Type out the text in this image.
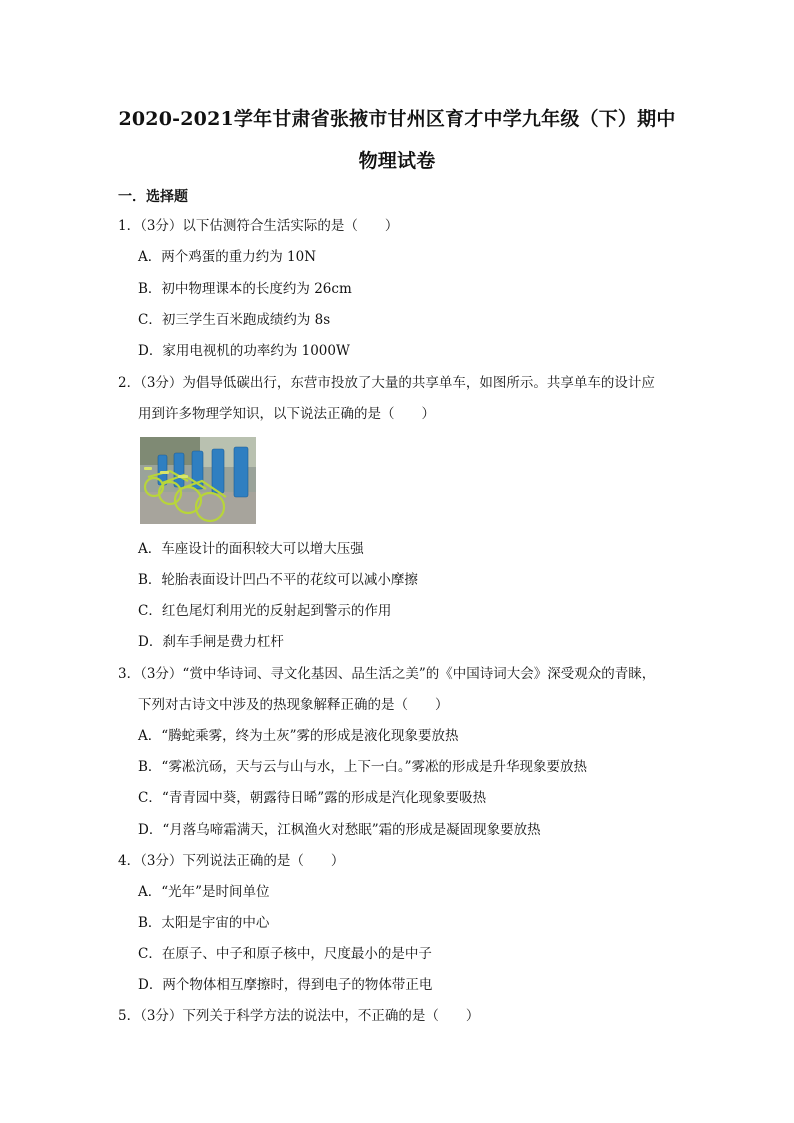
2020-2021学年甘肃省张掖市甘州区育才中学九年级（下）期中
物理试卷
一．选择题
1．（3分）以下估测符合生活实际的是（　　）
A．两个鸡蛋的重力约为 10N
B．初中物理课本的长度约为 26cm
C．初三学生百米跑成绩约为 8s
D．家用电视机的功率约为 1000W
2．（3分）为倡导低碳出行，东营市投放了大量的共享单车，如图所示。共享单车的设计应
用到许多物理学知识，以下说法正确的是（　　）
A．车座设计的面积较大可以增大压强
B．轮胎表面设计凹凸不平的花纹可以减小摩擦
C．红色尾灯利用光的反射起到警示的作用
D．刹车手闸是费力杠杆
3．（3分）“赏中华诗词、寻文化基因、品生活之美”的《中国诗词大会》深受观众的青睐，
下列对古诗文中涉及的热现象解释正确的是（　　）
A．“腾蛇乘雾，终为土灰”雾的形成是液化现象要放热
B．“雾凇沆砀，天与云与山与水，上下一白。”雾凇的形成是升华现象要放热
C．“青青园中葵，朝露待日晞”露的形成是汽化现象要吸热
D．“月落乌啼霜满天，江枫渔火对愁眠”霜的形成是凝固现象要放热
4．（3分）下列说法正确的是（　　）
A．“光年”是时间单位
B．太阳是宇宙的中心
C．在原子、中子和原子核中，尺度最小的是中子
D．两个物体相互摩擦时，得到电子的物体带正电
5．（3分）下列关于科学方法的说法中，不正确的是（　　）
